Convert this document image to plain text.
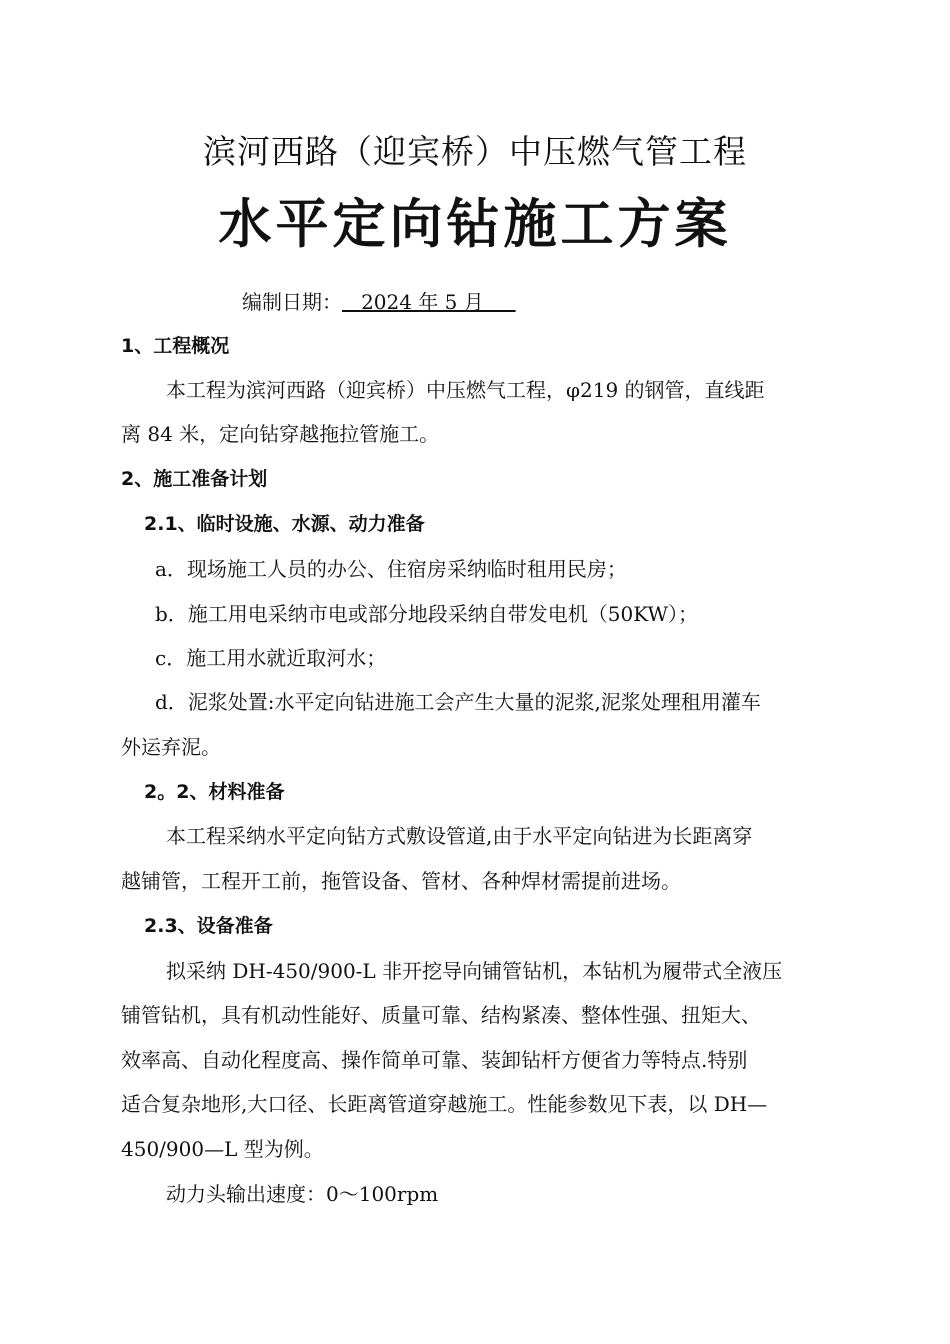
滨河西路（迎宾桥）中压燃气管工程
水平定向钻施工方案
编制日期：   2024 年 5 月
1、工程概况
本工程为滨河西路（迎宾桥）中压燃气工程，φ219 的钢管，直线距
离 84 米，定向钻穿越拖拉管施工。
2、施工准备计划
2.1、临时设施、水源、动力准备
a．现场施工人员的办公、住宿房采纳临时租用民房；
b．施工用电采纳市电或部分地段采纳自带发电机（50KW）；
c．施工用水就近取河水；
d．泥浆处置:水平定向钻进施工会产生大量的泥浆,泥浆处理租用灌车
外运弃泥。
2。2、材料准备
本工程采纳水平定向钻方式敷设管道,由于水平定向钻进为长距离穿
越铺管，工程开工前，拖管设备、管材、各种焊材需提前进场。
2.3、设备准备
拟采纳 DH-450/900-L 非开挖导向铺管钻机，本钻机为履带式全液压
铺管钻机，具有机动性能好、质量可靠、结构紧凑、整体性强、扭矩大、
效率高、自动化程度高、操作简单可靠、装卸钻杆方便省力等特点.特别
适合复杂地形,大口径、长距离管道穿越施工。性能参数见下表，以 DH—
450/900—L 型为例。
动力头输出速度：0～100rpm
